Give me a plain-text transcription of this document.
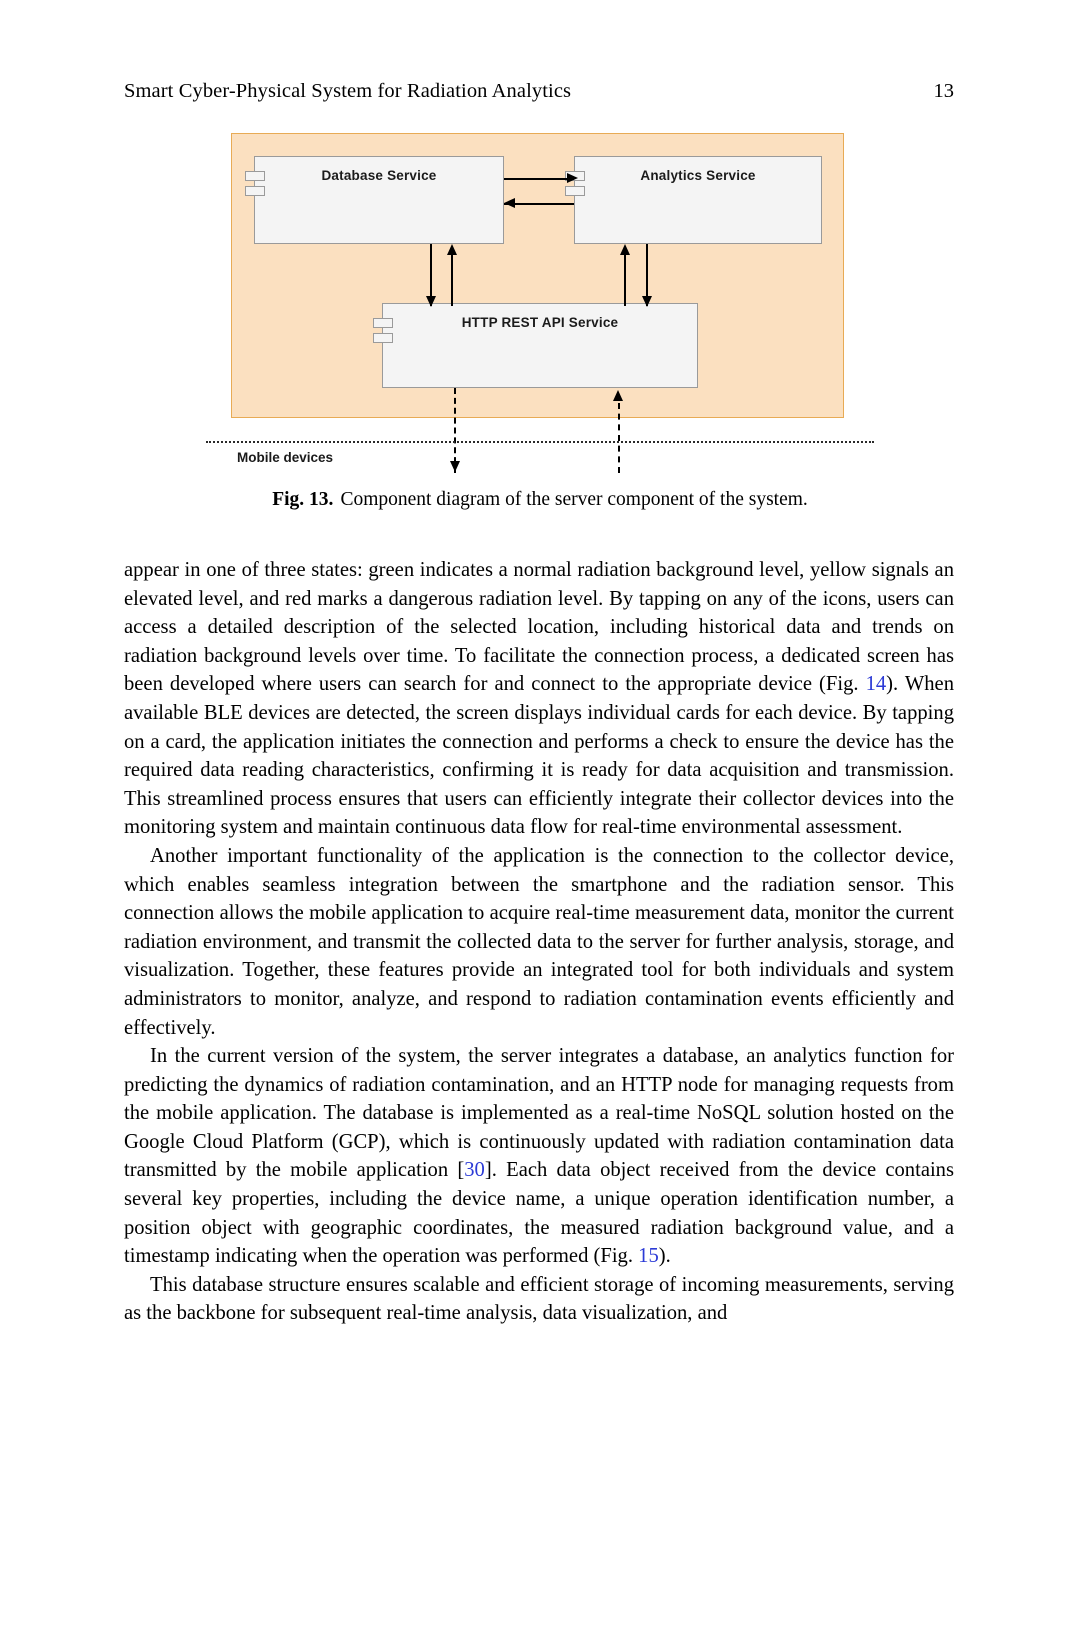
Smart Cyber-Physical System for Radiation Analytics	13
Database Service	Analytics Service
HTTP REST API Service
Mobile devices
Fig. 13. Component diagram of the server component of the system.

appear in one of three states: green indicates a normal radiation background level, yellow signals an elevated level, and red marks a dangerous radiation level. By tapping on any of the icons, users can access a detailed description of the selected location, including historical data and trends on radiation background levels over time. To facilitate the connection process, a dedicated screen has been developed where users can search for and connect to the appropriate device (Fig. 14). When available BLE devices are detected, the screen displays individual cards for each device. By tapping on a card, the application initiates the connection and performs a check to ensure the device has the required data reading characteristics, confirming it is ready for data acquisition and transmission. This streamlined process ensures that users can efficiently integrate their collector devices into the monitoring system and maintain continuous data flow for real-time environmental assessment.

Another important functionality of the application is the connection to the collector device, which enables seamless integration between the smartphone and the radiation sensor. This connection allows the mobile application to acquire real-time measurement data, monitor the current radiation environment, and transmit the collected data to the server for further analysis, storage, and visualization. Together, these features provide an integrated tool for both individuals and system administrators to monitor, analyze, and respond to radiation contamination events efficiently and effectively.

In the current version of the system, the server integrates a database, an analytics function for predicting the dynamics of radiation contamination, and an HTTP node for managing requests from the mobile application. The database is implemented as a real-time NoSQL solution hosted on the Google Cloud Platform (GCP), which is continuously updated with radiation contamination data transmitted by the mobile application [30]. Each data object received from the device contains several key properties, including the device name, a unique operation identification number, a position object with geographic coordinates, the measured radiation background value, and a timestamp indicating when the operation was performed (Fig. 15).

This database structure ensures scalable and efficient storage of incoming measurements, serving as the backbone for subsequent real-time analysis, data visualization, and
